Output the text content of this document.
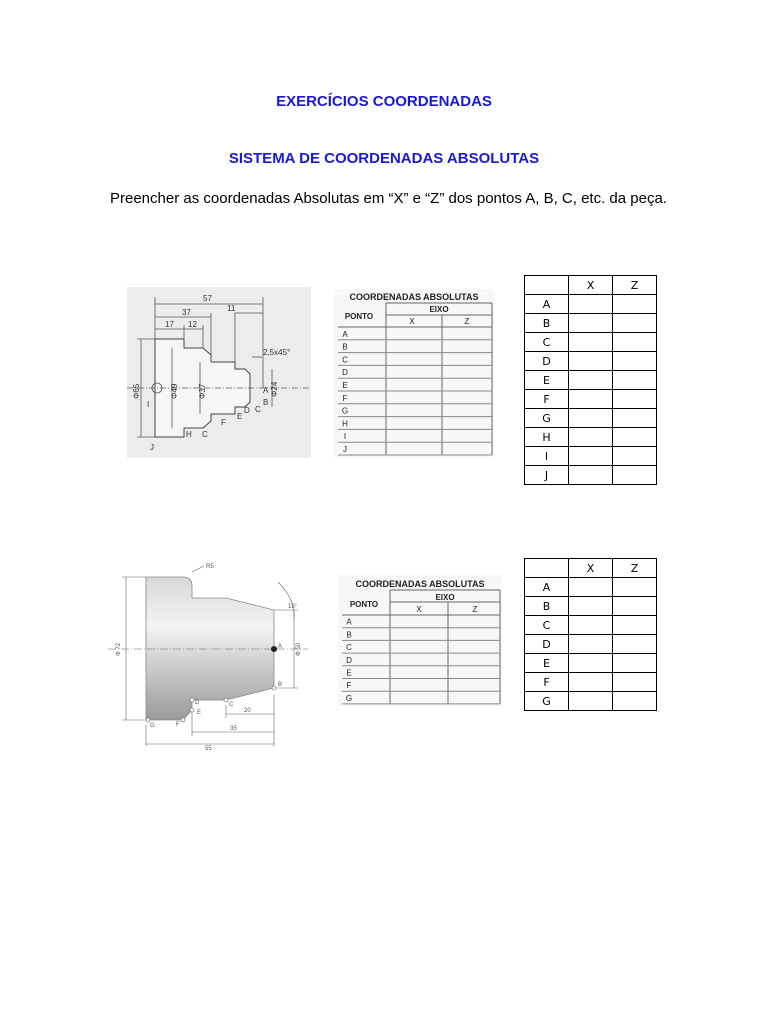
EXERCÍCIOS COORDENADAS
SISTEMA DE COORDENADAS ABSOLUTAS
Preencher as coordenadas Absolutas em “X” e “Z” dos pontos A, B, C, etc. da peça.
57
37
17 12
11
2,5x45°
Φ65	Φ49 Φ37	Φ24
A
B
C
D
E
F
H C
J
I
COORDENADAS ABSOLUTAS
PONTO
EIXO
X	Z
A
B
C
D
E
F
G
H
I
J
	X	Z
A		
B		
C		
D		
E		
F		
G		
H		
I		
J		
R5
15°
Φ 72	Φ 50
20
35
55
A
B
C
D
E
F
G
COORDENADAS ABSOLUTAS
PONTO
EIXO
X	Z
A
B
C
D
E
F
G
	X	Z
A		
B		
C		
D		
E		
F		
G		
